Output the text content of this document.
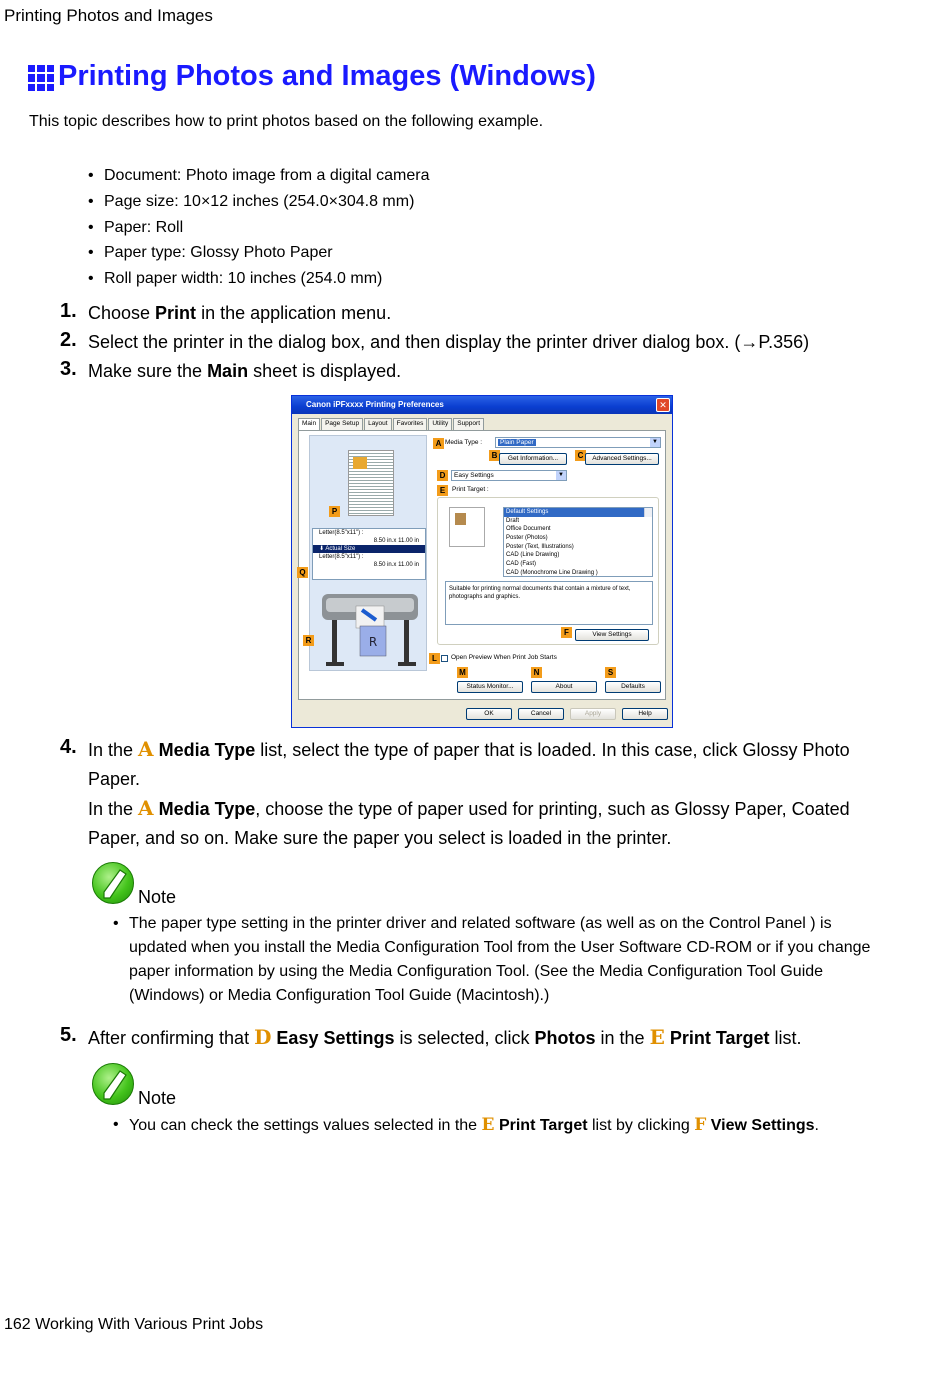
Printing Photos and Images
Printing Photos and Images (Windows)

This topic describes how to print photos based on the following example.

• Document: Photo image from a digital camera
• Page size: 10×12 inches (254.0×304.8 mm)
• Paper: Roll
• Paper type: Glossy Photo Paper
• Roll paper width: 10 inches (254.0 mm)
1. Choose Print in the application menu.
2. Select the printer in the dialog box, and then display the printer driver dialog box. (→P.356)
3. Make sure the Main sheet is displayed.
Canon iPFxxxx Printing Preferences	✕
Main	Page Setup	Layout	Favorites	Utility	Support
Letter(8.5"x11") :
8.50 in.x 11.00 in
⬇ Actual Size
Letter(8.5"x11") :
8.50 in.x 11.00 in
R
P
Q
R
A Media Type :	Plain Paper	▼
B	Get Information...	C	Advanced Settings...
D	Easy Settings	▼
E	Print Target :
Default Settings
Draft
Office Document
Poster (Photos)
Poster (Text, Illustrations)
CAD (Line Drawing)
CAD (Fast)
CAD (Monochrome Line Drawing )
Suitable for printing normal documents that contain a mixture of text, photographs and graphics.
F	View Settings
L	Open Preview When Print Job Starts
M	N	S
Status Monitor...	About	Defaults
OK	Cancel	Apply	Help
4. In the A Media Type list, select the type of paper that is loaded. In this case, click Glossy Photo Paper.
In the A Media Type, choose the type of paper used for printing, such as Glossy Paper, Coated Paper, and so on. Make sure the paper you select is loaded in the printer.
Note
• The paper type setting in the printer driver and related software (as well as on the Control Panel ) is updated when you install the Media Configuration Tool from the User Software CD-ROM or if you change paper information by using the Media Configuration Tool. (See the Media Configuration Tool Guide (Windows) or Media Configuration Tool Guide (Macintosh).)
5. After confirming that D Easy Settings is selected, click Photos in the E Print Target list.
Note
• You can check the settings values selected in the E Print Target list by clicking F View Settings.
162 Working With Various Print Jobs
